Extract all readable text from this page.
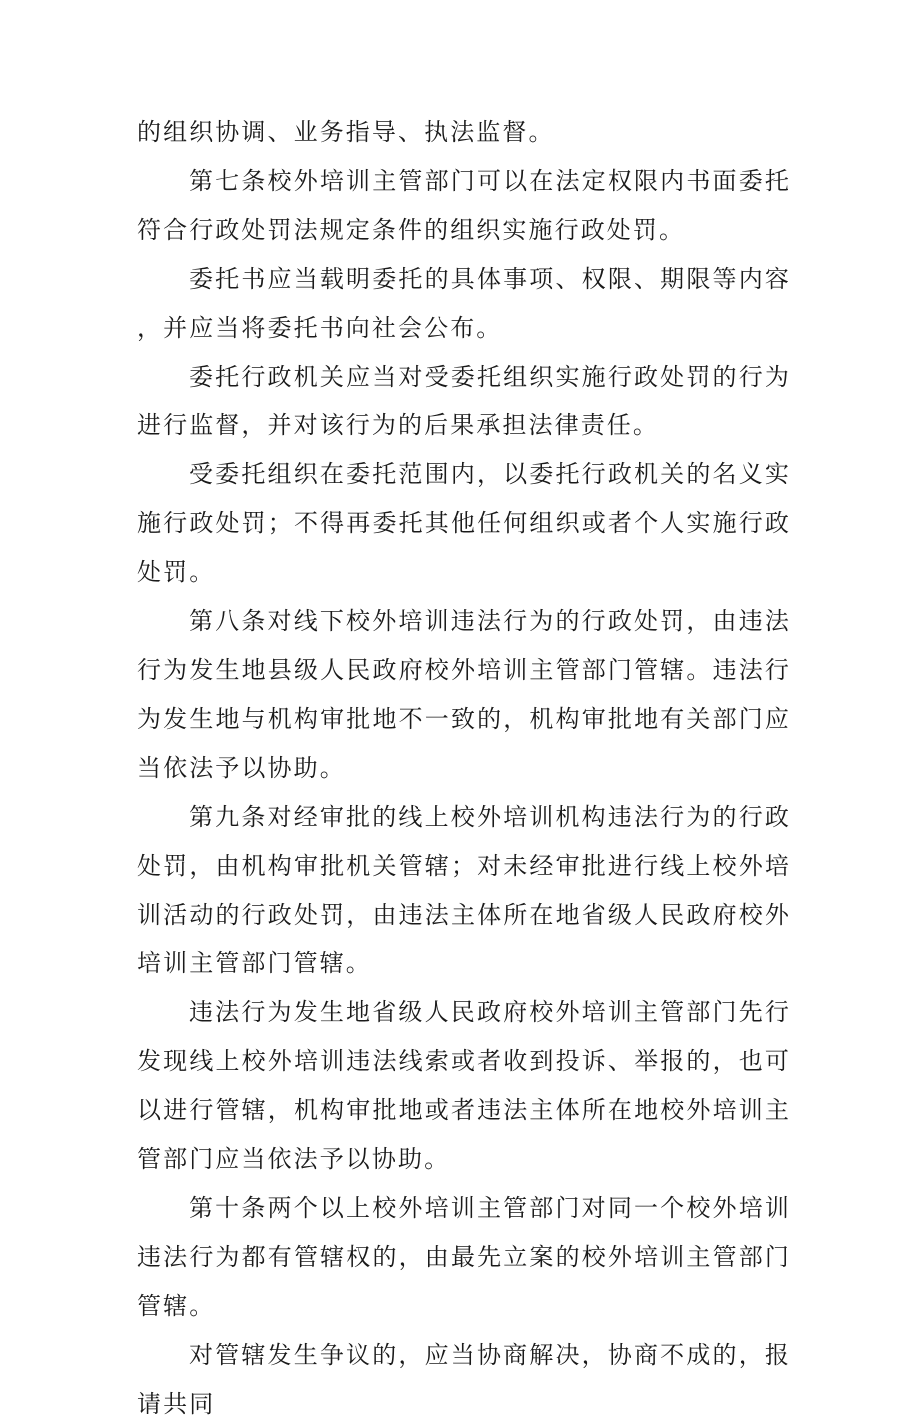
的组织协调、业务指导、执法监督。

第七条校外培训主管部门可以在法定权限内书面委托符合行政处罚法规定条件的组织实施行政处罚。

委托书应当载明委托的具体事项、权限、期限等内容，并应当将委托书向社会公布。

委托行政机关应当对受委托组织实施行政处罚的行为进行监督，并对该行为的后果承担法律责任。

受委托组织在委托范围内，以委托行政机关的名义实施行政处罚；不得再委托其他任何组织或者个人实施行政处罚。

第八条对线下校外培训违法行为的行政处罚，由违法行为发生地县级人民政府校外培训主管部门管辖。违法行为发生地与机构审批地不一致的，机构审批地有关部门应当依法予以协助。

第九条对经审批的线上校外培训机构违法行为的行政处罚，由机构审批机关管辖；对未经审批进行线上校外培训活动的行政处罚，由违法主体所在地省级人民政府校外培训主管部门管辖。

违法行为发生地省级人民政府校外培训主管部门先行发现线上校外培训违法线索或者收到投诉、举报的，也可以进行管辖，机构审批地或者违法主体所在地校外培训主管部门应当依法予以协助。

第十条两个以上校外培训主管部门对同一个校外培训违法行为都有管辖权的，由最先立案的校外培训主管部门管辖。

对管辖发生争议的，应当协商解决，协商不成的，报请共同
